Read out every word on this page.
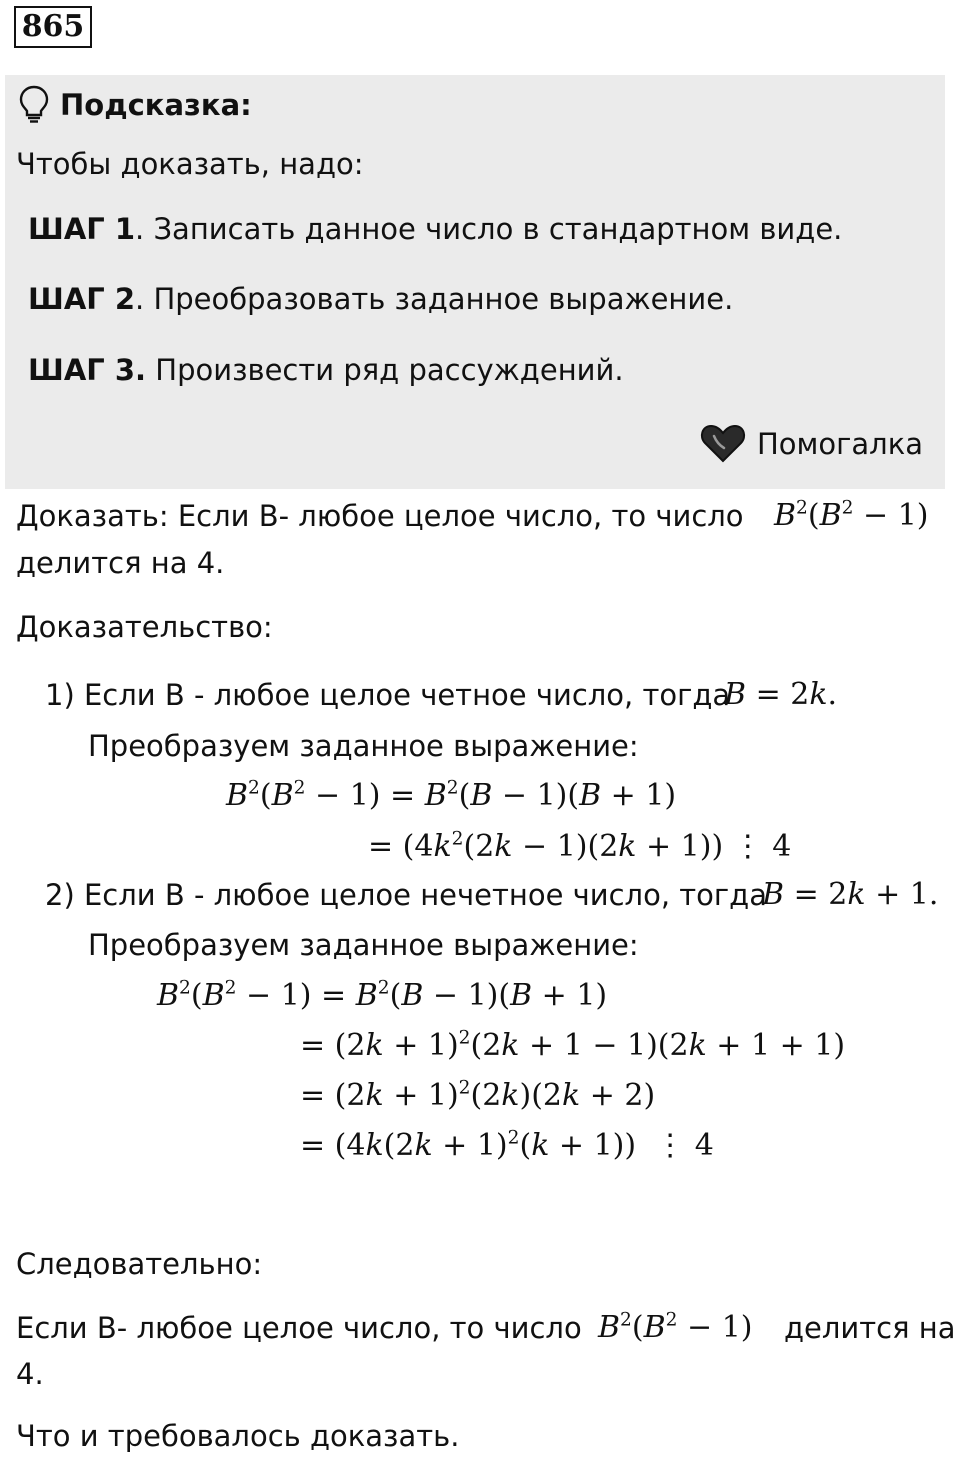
865
Подсказка:
Чтобы доказать, надо:
ШАГ 1. Записать данное число в стандартном виде.
ШАГ 2. Преобразовать заданное выражение.
ШАГ 3. Произвести ряд рассуждений.
Помогалка
Доказать: Если B- любое целое число, то число $B^2(B^2 - 1)$
делится на 4.
Доказательство:
1) Если B - любое целое четное число, тогда
B = 2k.
Преобразуем заданное выражение:
$B^2(B^2 - 1) = B^2(B - 1)(B + 1)$
= $(4k^2(2k - 1)(2k + 1))$ ⋮ 4
2) Если B - любое целое нечетное число, тогда
B = 2k + 1.
Преобразуем заданное выражение:
$B^2(B^2 - 1) = B^2(B - 1)(B + 1)$
= $(2k + 1)^2(2k + 1 - 1)(2k + 1 + 1)$
= $(2k + 1)^2(2k)(2k + 2)$
= $(4k(2k + 1)^2(k + 1))$  ⋮ 4
Следовательно:
Если B- любое целое число, то число $B^2(B^2 - 1)$ делится на
4.
Что и требовалось доказать.
